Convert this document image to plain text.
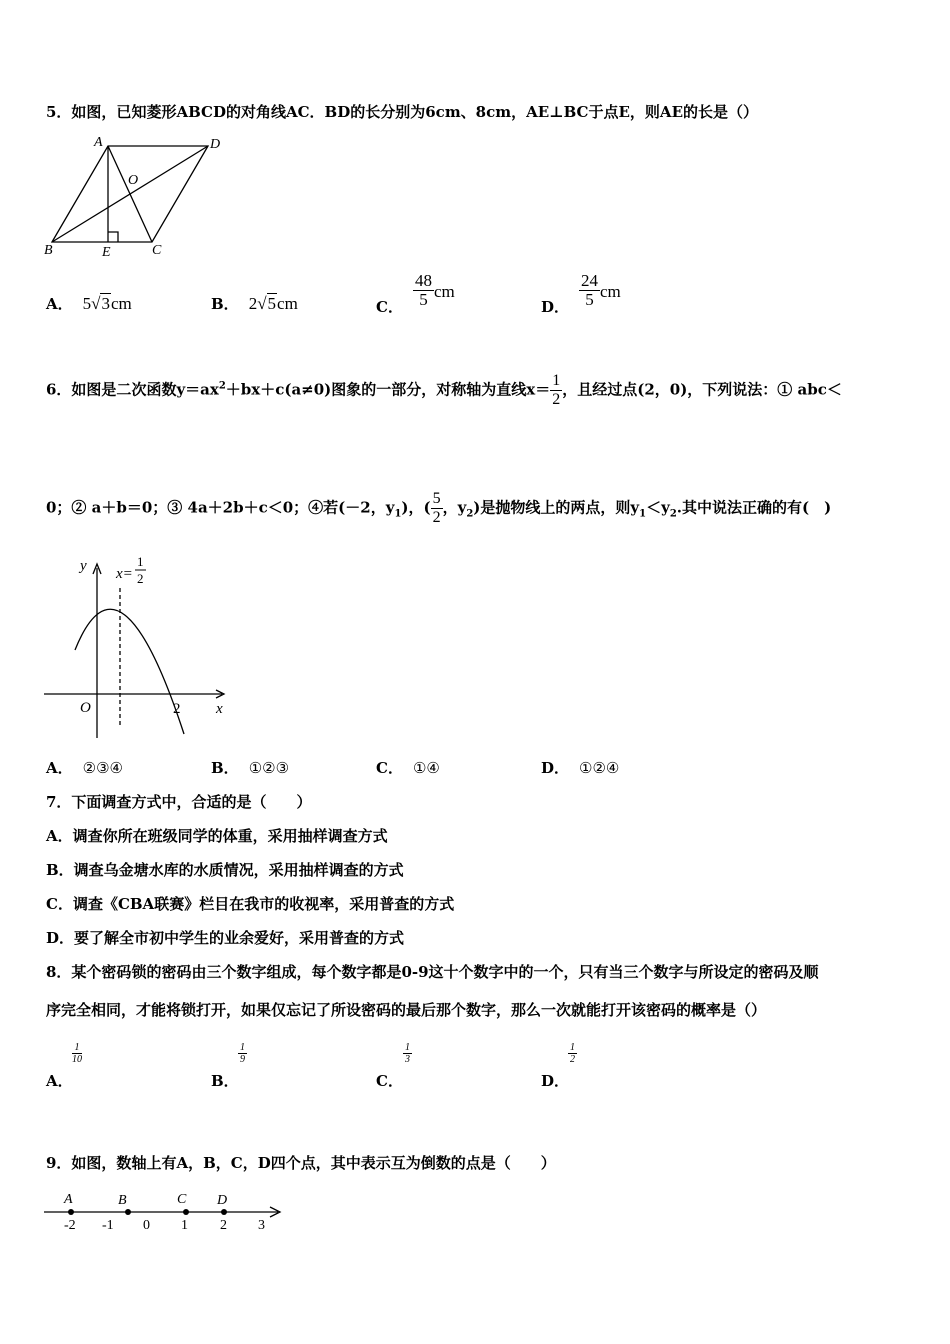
5．如图，已知菱形ABCD的对角线AC．BD的长分别为6cm、8cm，AE⊥BC于点E，则AE的长是（）
A	D
O
B	E	C
A． 5√3cm	B． 2√5cm	C． $\frac{48}{5}$ cm
D． $\frac{24}{5}$ cm
6．如图是二次函数$y=ax^2+bx+c(a\ne 0)$图象的一部分，对称轴为直线$x= \frac{1}{2}$ ，且经过点(2，0)，下列说法：① abc＜
0；② a＋b＝0；③ 4a＋2b＋c＜0；④若(－2，$y_1$)，( $\frac{5}{2}$ ，$y_2$)是抛物线上的两点，则$y_1<y_2$.其中说法正确的有(　)
y
x
O
x=
2
1
2
A． ②③④	B． ①②③	C． ①④	D． ①②④
7．下面调查方式中，合适的是（　　）
A．调查你所在班级同学的体重，采用抽样调查方式
B．调查乌金塘水库的水质情况，采用抽样调查的方式
C．调查《CBA联赛》栏目在我市的收视率，采用普查的方式
D．要了解全市初中学生的业余爱好，采用普查的方式
8．某个密码锁的密码由三个数字组成，每个数字都是0-9这十个数字中的一个，只有当三个数字与所设定的密码及顺
序完全相同，才能将锁打开，如果仅忘记了所设密码的最后那个数字，那么一次就能打开该密码的概率是（）
$\frac{1}{10}$
A．
$\frac{1}{9}$
B．
$\frac{1}{3}$
C．
$\frac{1}{2}$
D．
9．如图，数轴上有A，B，C，D四个点，其中表示互为倒数的点是（　　）
A	B	C D
-2 -1 0 1 2 3
